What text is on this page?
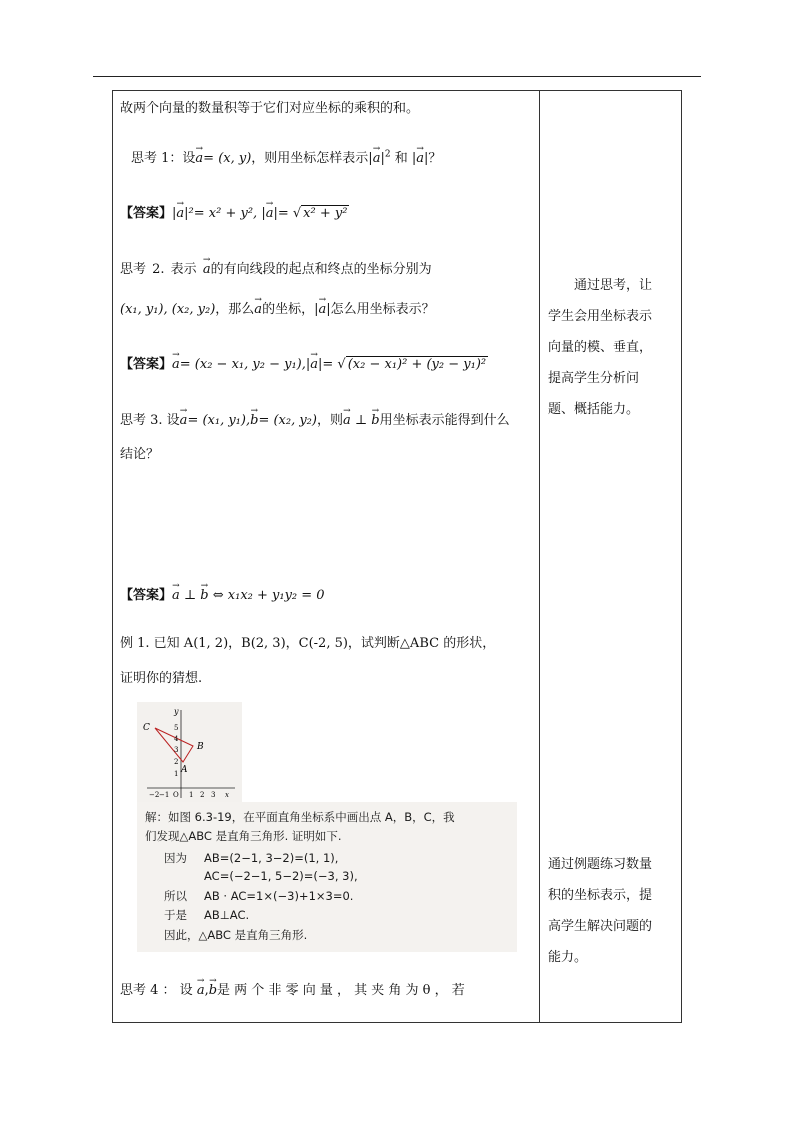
故两个向量的数量积等于它们对应坐标的乘积的和。
思考 1：设→ a= (x, y)，则用坐标怎样表示|→ $a|^2$ 和 |→ a|？
【答案】|→ a|²= x² + y², |→ a|= √ x² + y²
思考 2. 表示 → a的有向线段的起点和终点的坐标分别为
(x₁, y₁), (x₂, y₂)，那么→ a的坐标，|→ a|怎么用坐标表示？
【答案】→ a= (x₂ − x₁, y₂ − y₁),|→ a|= √ (x₂ − x₁)² + (y₂ − y₁)²
思考 3. 设→ a= (x₁, y₁),→ b= (x₂, y₂)，则→ a ⊥ → b用坐标表示能得到什么
结论？
【答案】→ a ⊥ → b ⇔ x₁x₂ + y₁y₂ = 0
例 1. 已知 A(1, 2)，B(2, 3)，C(-2, 5)，试判断△ABC 的形状，
证明你的猜想.
C
y
5
4
3
2
1
B
A
−2 −1 O 1 2 3 x
解：如图 6.3-19，在平面直角坐标系中画出点 A，B，C，我
们发现△ABC 是直角三角形. 证明如下.
因为 AB=(2−1, 3−2)=(1, 1),
AC=(−2−1, 5−2)=(−3, 3),
所以 AB · AC=1×(−3)+1×3=0.
于是 AB⊥AC.
因此，△ABC 是直角三角形.
思考 4 ： 设 → a,→ b是 两 个 非 零 向 量 ， 其 夹 角 为 θ ， 若
通过思考，让
学生会用坐标表示
向量的模、垂直，
提高学生分析问
题、概括能力。
通过例题练习数量
积的坐标表示，提
高学生解决问题的
能力。
